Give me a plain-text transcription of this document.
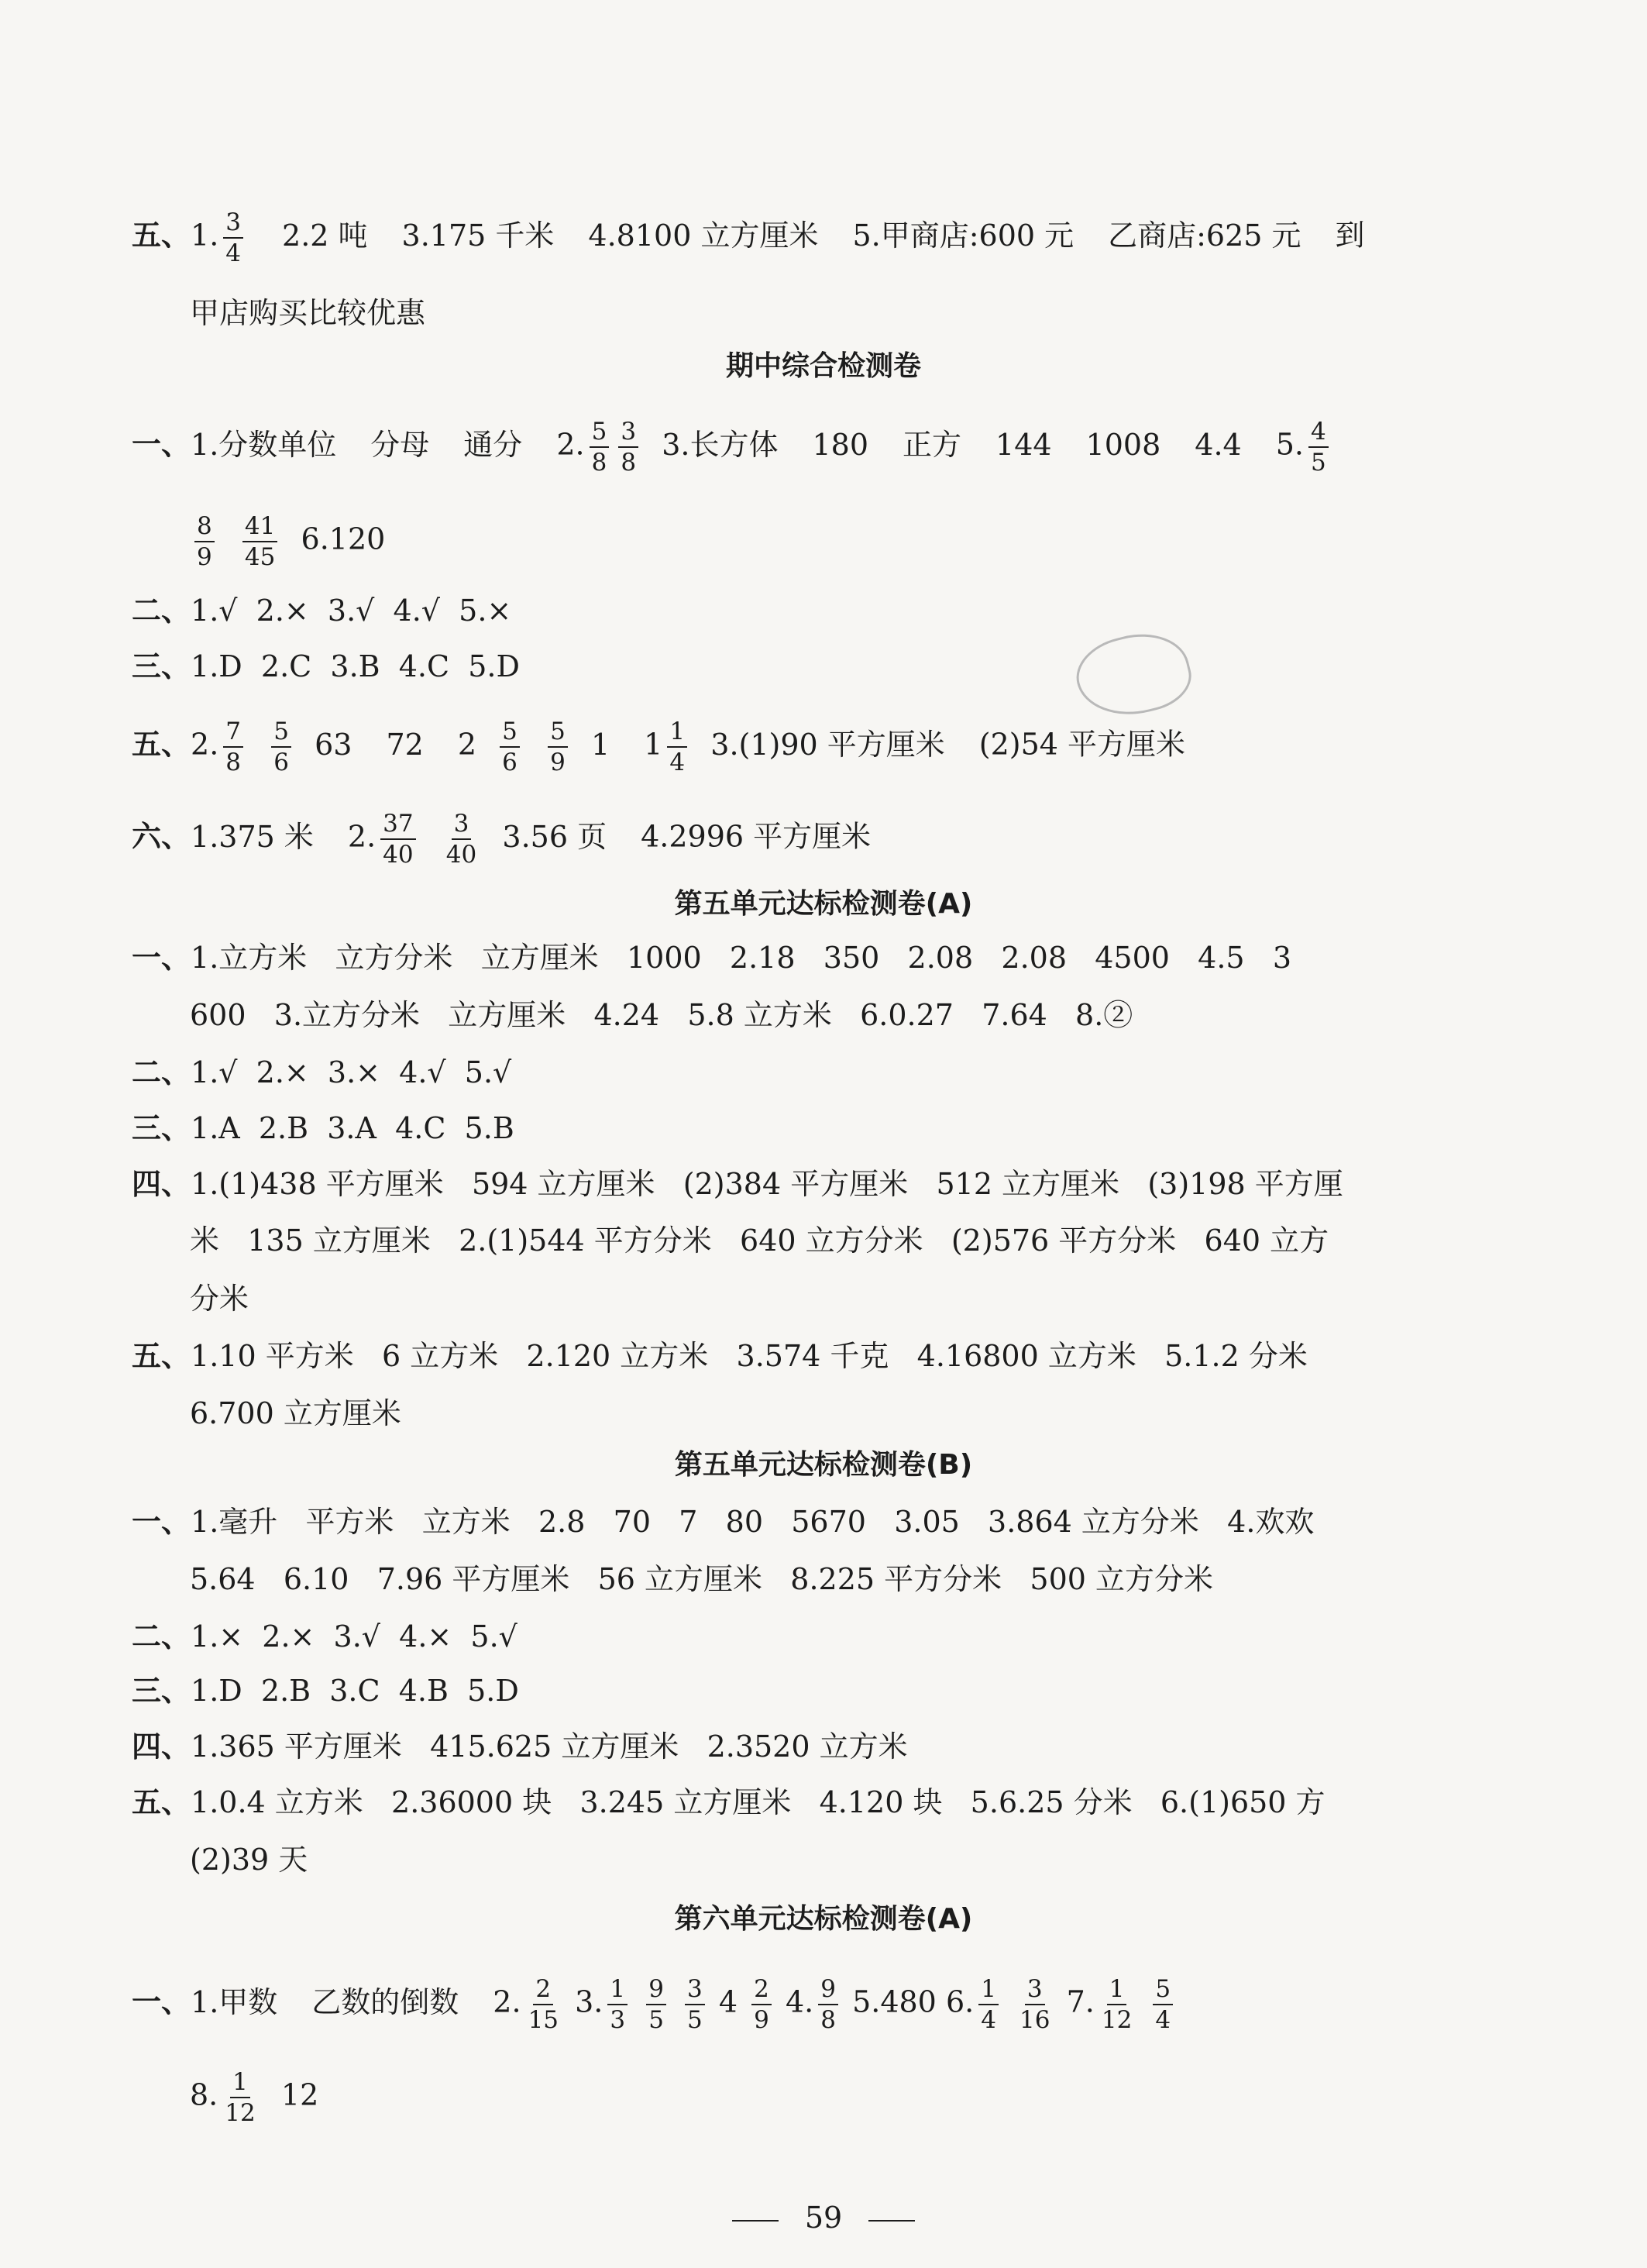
五、1. $\frac{3}{4} 2.2$ 吨 3.175 千米 4.8100 立方厘米 5.甲商店:600 元 乙商店:625 元 到
甲店购买比较优惠
期中综合检测卷
一、1.分数单位 分母 通分 2. $\frac{5}{8} \frac{3}{8} 3$.长方体 180 正方 144 1008 4.4 5. $\frac{4}{5}$
$\frac{8}{9}$
$\frac{41}{45} 6.120$
二、1.√  2.×  3.√  4.√  5.×
三、1.D  2.C  3.B  4.C  5.D
五、2. $\frac{7}{8}$
$\frac{5}{6} 63$ 72 $2 \frac{5}{6}$
$\frac{5}{9} 1$ $1 \frac{1}{4} 3.(1)90$ 平方厘米 (2)54 平方厘米
六、1.375 米 2. $\frac{37}{40}$
$\frac{3}{40} 3.56$ 页 4.2996 平方厘米
第五单元达标检测卷(A)
一、1.立方米   立方分米   立方厘米   1000   2.18   350   2.08   2.08   4500   4.5   3
600   3.立方分米   立方厘米   4.24   5.8 立方米   6.0.27   7.64   8.②
二、1.√  2.×  3.×  4.√  5.√
三、1.A  2.B  3.A  4.C  5.B
四、1.(1)438 平方厘米   594 立方厘米   (2)384 平方厘米   512 立方厘米   (3)198 平方厘
米   135 立方厘米   2.(1)544 平方分米   640 立方分米   (2)576 平方分米   640 立方
分米
五、1.10 平方米   6 立方米   2.120 立方米   3.574 千克   4.16800 立方米   5.1.2 分米
6.700 立方厘米
第五单元达标检测卷(B)
一、1.毫升   平方米   立方米   2.8   70   7   80   5670   3.05   3.864 立方分米   4.欢欢
5.64   6.10   7.96 平方厘米   56 立方厘米   8.225 平方分米   500 立方分米
二、1.×  2.×  3.√  4.×  5.√
三、1.D  2.B  3.C  4.B  5.D
四、1.365 平方厘米   415.625 立方厘米   2.3520 立方米
五、1.0.4 立方米   2.36000 块   3.245 立方厘米   4.120 块   5.6.25 分米   6.(1)650 方
(2)39 天
第六单元达标检测卷(A)
一、1.甲数 乙数的倒数 2. $\frac{2}{15} 3$. $\frac{1}{3}$
$\frac{9}{5}$
$\frac{3}{5} 4 \frac{2}{9} 4$. $\frac{9}{8} 5.480$ 6. $\frac{1}{4}$
$\frac{3}{16} 7$. $\frac{1}{12}$
$\frac{5}{4}$
8. $\frac{1}{12} 12$
59
